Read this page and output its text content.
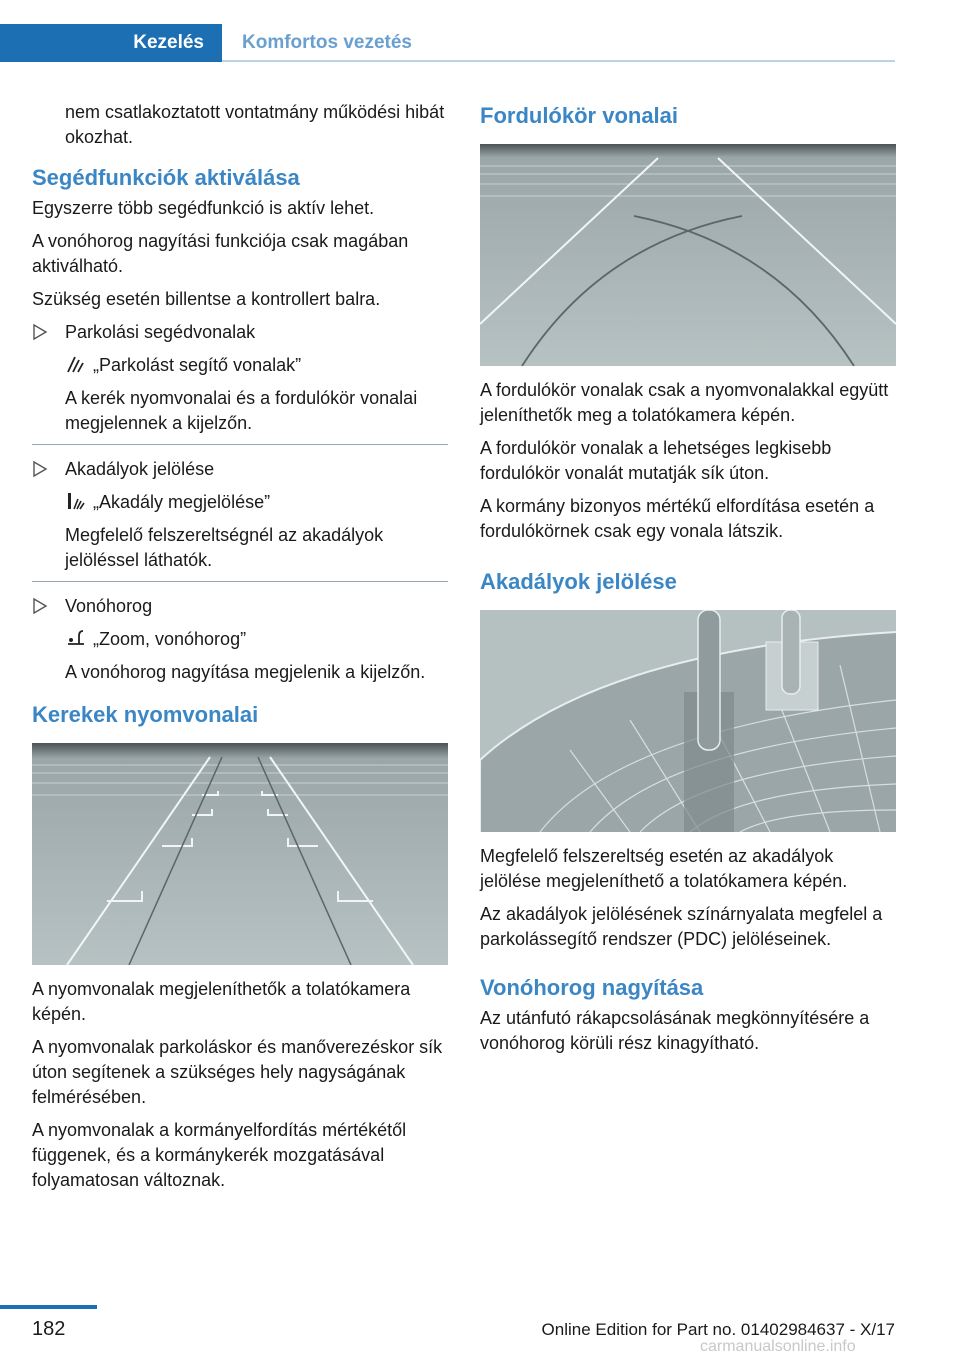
Kezelés	Komfortos vezetés

nem csatlakoztatott vontatmány működési hibát okozhat.

Segédfunkciók aktiválása

Egyszerre több segédfunkció is aktív lehet.

A vonóhorog nagyítási funkciója csak magában aktiválható.

Szükség esetén billentse a kontrollert balra.

Parkolási segédvonalak
„Parkolást segítő vonalak”
A kerék nyomvonalai és a fordulókör vonalai megjelennek a kijelzőn.
Akadályok jelölése
„Akadály megjelölése”
Megfelelő felszereltségnél az akadályok jelöléssel láthatók.
Vonóhorog
„Zoom, vonóhorog”
A vonóhorog nagyítása megjelenik a kijelzőn.
Kerekek nyomvonalai

A nyomvonalak megjeleníthetők a tolatókamera képén.

A nyomvonalak parkoláskor és manőverezéskor sík úton segítenek a szükséges hely nagyságának felmérésében.

A nyomvonalak a kormányelfordítás mértékétől függenek, és a kormánykerék mozgatásával folyamatosan változnak.

Fordulókör vonalai

A fordulókör vonalak csak a nyomvonalakkal együtt jeleníthetők meg a tolatókamera képén.

A fordulókör vonalak a lehetséges legkisebb fordulókör vonalát mutatják sík úton.

A kormány bizonyos mértékű elfordítása esetén a fordulókörnek csak egy vonala látszik.

Akadályok jelölése

Megfelelő felszereltség esetén az akadályok jelölése megjeleníthető a tolatókamera képén.

Az akadályok jelölésének színárnyalata megfelel a parkolássegítő rendszer (PDC) jelöléseinek.

Vonóhorog nagyítása

Az utánfutó rákapcsolásának megkönnyítésére a vonóhorog körüli rész kinagyítható.

182	Online Edition for Part no. 01402984637 - X/17
carmanualsonline.info
